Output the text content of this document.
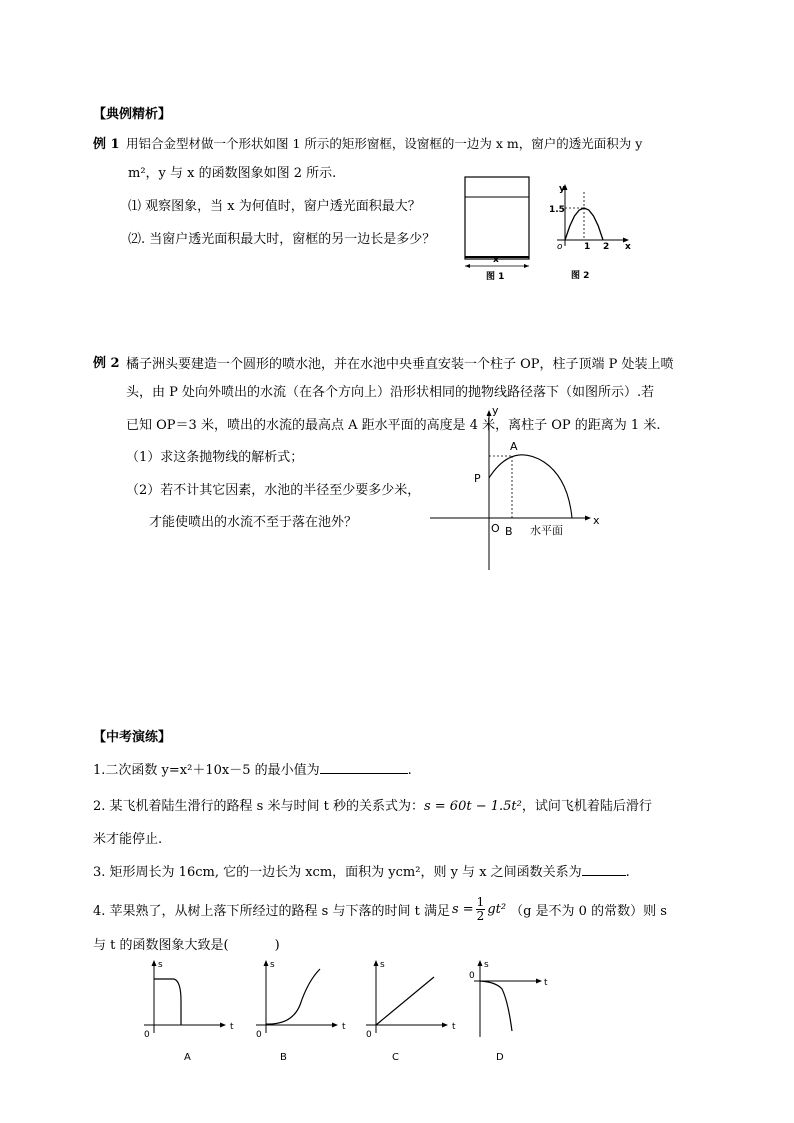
【典例精析】
例 1 用铝合金型材做一个形状如图 1 所示的矩形窗框，设窗框的一边为 x m，窗户的透光面积为 y
m²，y 与 x 的函数图象如图 2 所示.
⑴ 观察图象，当 x 为何值时，窗户透光面积最大？
⑵. 当窗户透光面积最大时，窗框的另一边长是多少？
x
图 1
y
x
o
1.5
1 2
图 2
例 2 橘子洲头要建造一个圆形的喷水池，并在水池中央垂直安装一个柱子 OP，柱子顶端 P 处装上喷
头，由 P 处向外喷出的水流（在各个方向上）沿形状相同的抛物线路径落下（如图所示）.若
已知 OP＝3 米，喷出的水流的最高点 A 距水平面的高度是 4 米，离柱子 OP 的距离为 1 米.
（1）求这条抛物线的解析式；
（2）若不计其它因素，水池的半径至少要多少米，
才能使喷出的水流不至于落在池外？
y
x
A
P
O B 水平面
【中考演练】
1.二次函数 y=x²＋10x－5 的最小值为	.
2. 某飞机着陆生滑行的路程 s 米与时间 t 秒的关系式为：s = 60t − 1.5t²，试问飞机着陆后滑行
米才能停止.
3. 矩形周长为 16cm, 它的一边长为 xcm，面积为 ycm²，则 y 与 x 之间函数关系为	.
4. 苹果熟了，从树上落下所经过的路程 s 与下落的时间 t 满足 $s = \frac{1}{2} gt^2$ （g 是不为 0 的常数）则 s
与 t 的函数图象大致是(	)
s
t
0
A
s
t
0
B
s
t
0
C
s
t
0
D
